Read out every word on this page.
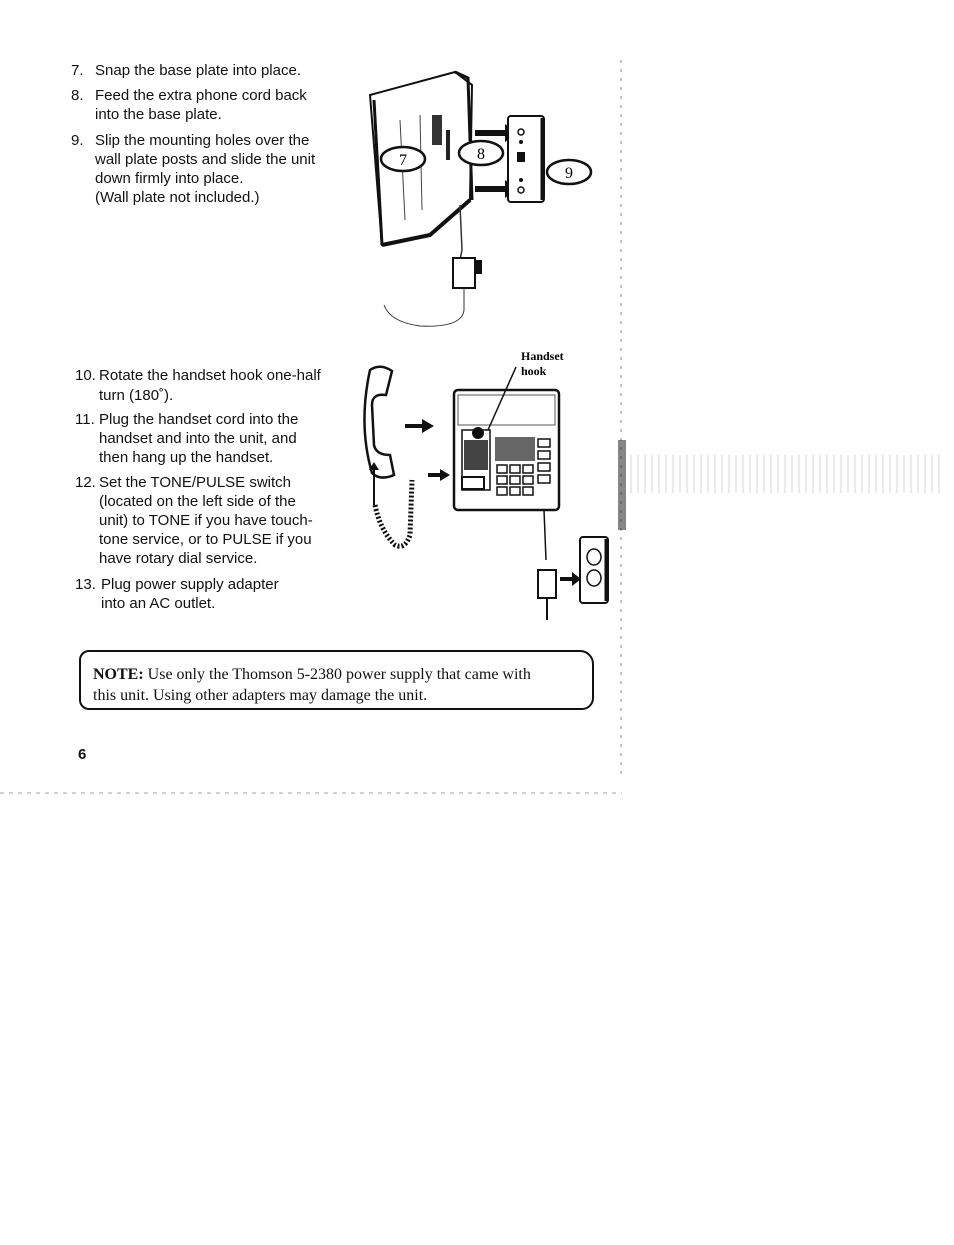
7. Snap the base plate into place.
8. Feed the extra phone cord back
into the base plate.
9. Slip the mounting holes over the
wall plate posts and slide the unit
down firmly into place.
(Wall plate not included.)
7	8
9
10. Rotate the handset hook one-half
turn (180˚).
11. Plug the handset cord into the
handset and into the unit, and
then hang up the handset.
12. Set the TONE/PULSE switch
(located on the left side of the
unit) to TONE if you have touch-
tone service, or to PULSE if you
have rotary dial service.
13. Plug power supply adapter
into an AC outlet.
Handset
hook
NOTE: Use only the Thomson 5-2380 power supply that came with
this unit. Using other adapters may damage the unit.
6
